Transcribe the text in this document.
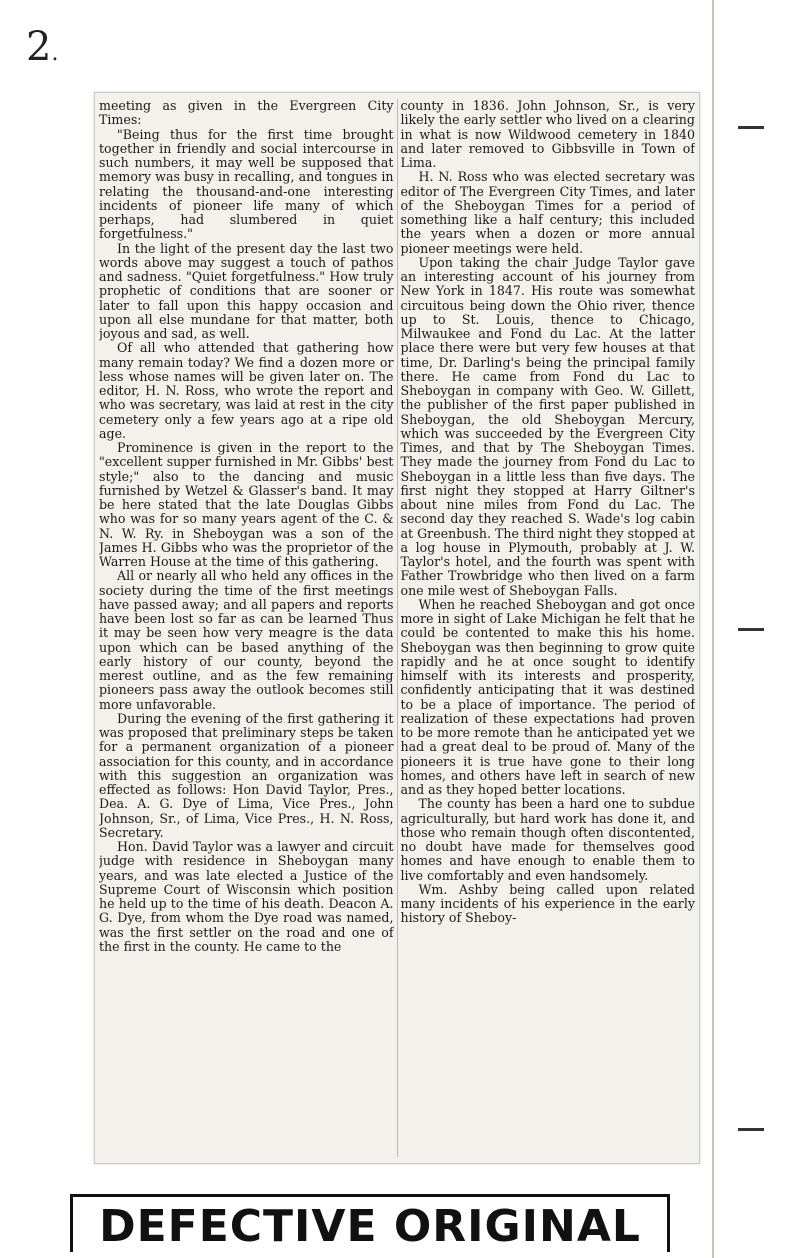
2.

meeting as given in the Evergreen City Times:

"Being thus for the first time brought together in friendly and social intercourse in such numbers, it may well be supposed that memory was busy in recalling, and tongues in relating the thousand-and-one interesting incidents of pioneer life many of which perhaps, had slumbered in quiet forgetfulness."

In the light of the present day the last two words above may suggest a touch of pathos and sadness. "Quiet forgetfulness." How truly prophetic of conditions that are sooner or later to fall upon this happy occasion and upon all else mundane for that matter, both joyous and sad, as well.

Of all who attended that gathering how many remain today? We find a dozen more or less whose names will be given later on. The editor, H. N. Ross, who wrote the report and who was secretary, was laid at rest in the city cemetery only a few years ago at a ripe old age.

Prominence is given in the report to the "excellent supper furnished in Mr. Gibbs' best style;" also to the dancing and music furnished by Wetzel & Glasser's band. It may be here stated that the late Douglas Gibbs who was for so many years agent of the C. & N. W. Ry. in Sheboygan was a son of the James H. Gibbs who was the proprietor of the Warren House at the time of this gathering.

All or nearly all who held any offices in the society during the time of the first meetings have passed away; and all papers and reports have been lost so far as can be learned Thus it may be seen how very meagre is the data upon which can be based anything of the early history of our county, beyond the merest outline, and as the few remaining pioneers pass away the outlook becomes still more unfavorable.

During the evening of the first gathering it was proposed that preliminary steps be taken for a permanent organization of a pioneer association for this county, and in accordance with this suggestion an organization was effected as follows: Hon David Taylor, Pres., Dea. A. G. Dye of Lima, Vice Pres., John Johnson, Sr., of Lima, Vice Pres., H. N. Ross, Secretary.

Hon. David Taylor was a lawyer and circuit judge with residence in Sheboygan many years, and was late elected a Justice of the Supreme Court of Wisconsin which position he held up to the time of his death. Deacon A. G. Dye, from whom the Dye road was named, was the first settler on the road and one of the first in the county. He came to the

county in 1836. John Johnson, Sr., is very likely the early settler who lived on a clearing in what is now Wildwood cemetery in 1840 and later removed to Gibbsville in Town of Lima.

H. N. Ross who was elected secretary was editor of The Evergreen City Times, and later of the Sheboygan Times for a period of something like a half century; this included the years when a dozen or more annual pioneer meetings were held.

Upon taking the chair Judge Taylor gave an interesting account of his journey from New York in 1847. His route was somewhat circuitous being down the Ohio river, thence up to St. Louis, thence to Chicago, Milwaukee and Fond du Lac. At the latter place there were but very few houses at that time, Dr. Darling's being the principal family there. He came from Fond du Lac to Sheboygan in company with Geo. W. Gillett, the publisher of the first paper published in Sheboygan, the old Sheboygan Mercury, which was succeeded by the Evergreen City Times, and that by The Sheboygan Times. They made the journey from Fond du Lac to Sheboygan in a little less than five days. The first night they stopped at Harry Giltner's about nine miles from Fond du Lac. The second day they reached S. Wade's log cabin at Greenbush. The third night they stopped at a log house in Plymouth, probably at J. W. Taylor's hotel, and the fourth was spent with Father Trowbridge who then lived on a farm one mile west of Sheboygan Falls.

When he reached Sheboygan and got once more in sight of Lake Michigan he felt that he could be contented to make this his home. Sheboygan was then beginning to grow quite rapidly and he at once sought to identify himself with its interests and prosperity, confidently anticipating that it was destined to be a place of importance. The period of realization of these expectations had proven to be more remote than he anticipated yet we had a great deal to be proud of. Many of the pioneers it is true have gone to their long homes, and others have left in search of new and as they hoped better locations.

The county has been a hard one to subdue agriculturally, but hard work has done it, and those who remain though often discontented, no doubt have made for themselves good homes and have enough to enable them to live comfortably and even handsomely.

Wm. Ashby being called upon related many incidents of his experience in the early history of Sheboy-

DEFECTIVE ORIGINAL
